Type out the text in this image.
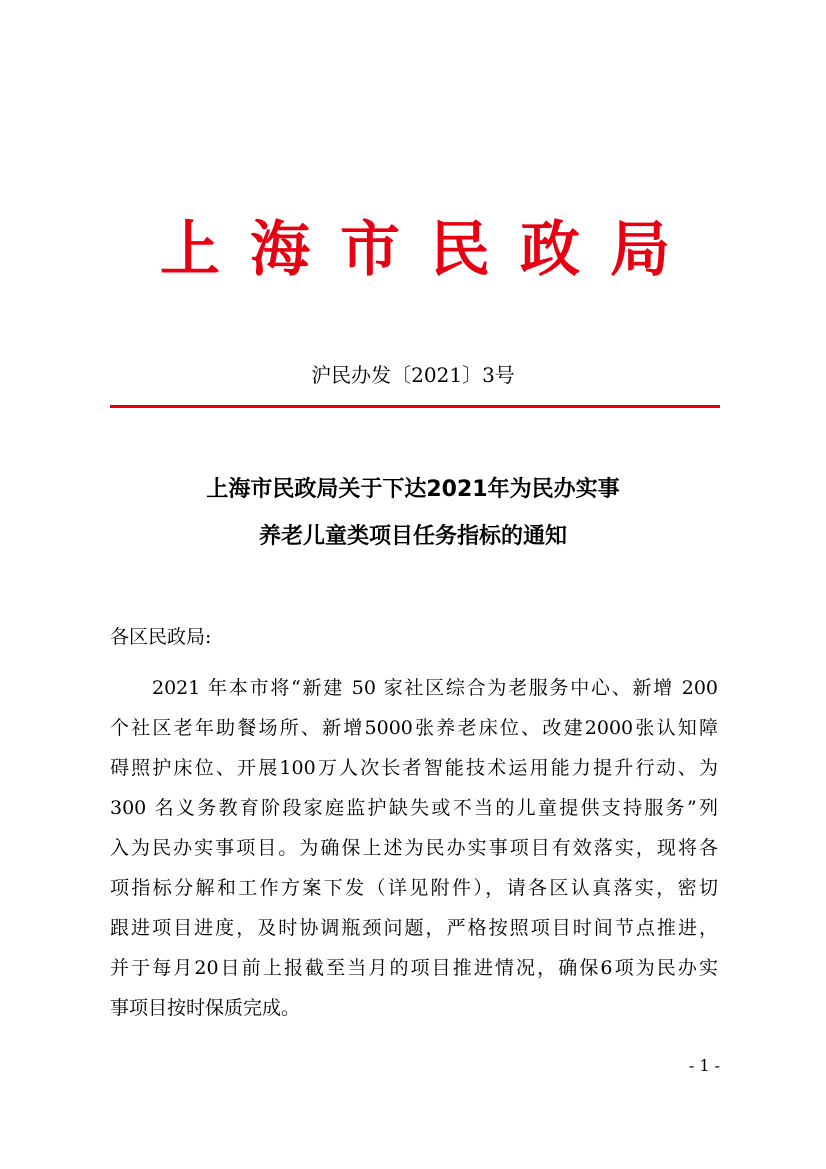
上 海 市 民 政 局
沪民办发〔2021〕3号
上海市民政局关于下达2021年为民办实事
养老儿童类项目任务指标的通知
各区民政局:
2021 年本市将“新建 50 家社区综合为老服务中心、新增 200
个社区老年助餐场所、新增5000张养老床位、改建2000张认知障
碍照护床位、开展100万人次长者智能技术运用能力提升行动、为
300 名义务教育阶段家庭监护缺失或不当的儿童提供支持服务”列
入为民办实事项目。为确保上述为民办实事项目有效落实，现将各
项指标分解和工作方案下发（详见附件），请各区认真落实，密切
跟进项目进度，及时协调瓶颈问题，严格按照项目时间节点推进，
并于每月20日前上报截至当月的项目推进情况，确保6项为民办实
事项目按时保质完成。
- 1 -
